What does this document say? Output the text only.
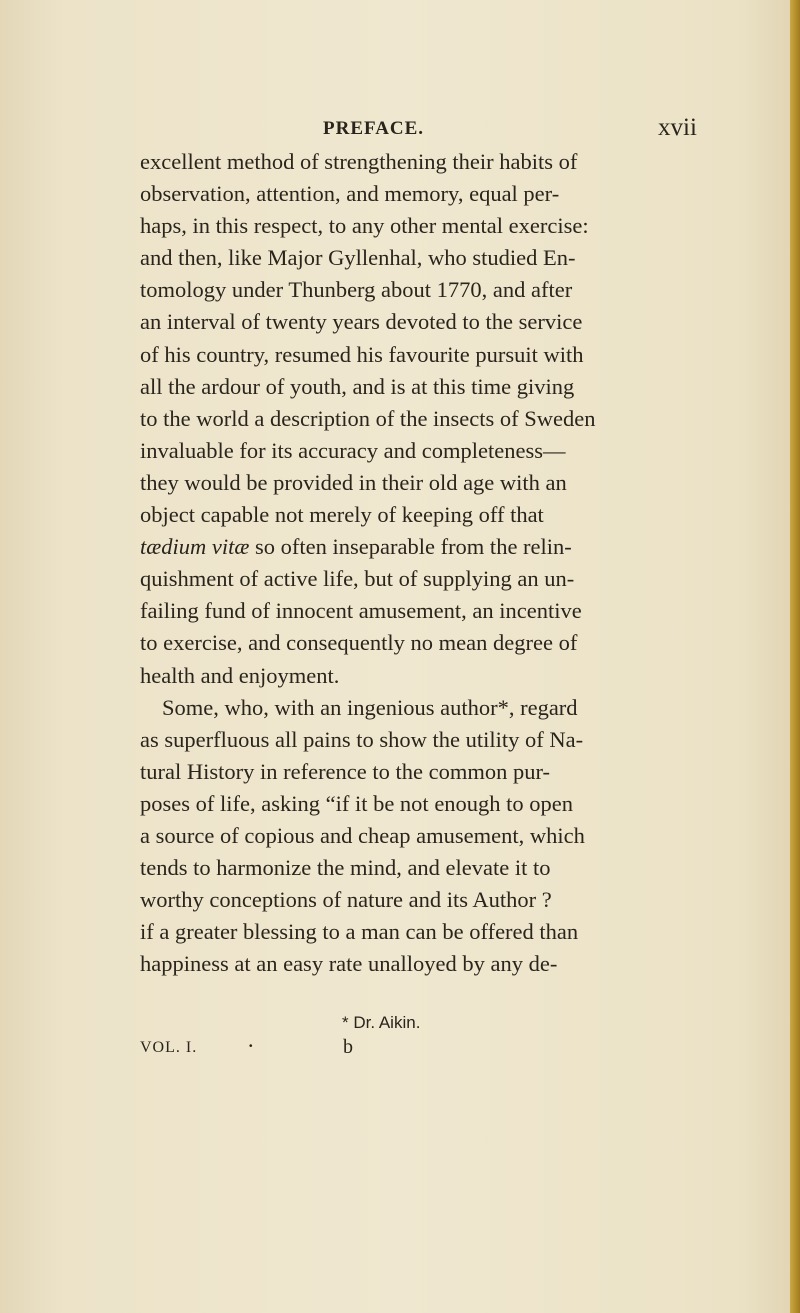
PREFACE.	xvii
excellent method of strengthening their habits of
observation, attention, and memory, equal per-
haps, in this respect, to any other mental exercise:
and then, like Major Gyllenhal, who studied En-
tomology under Thunberg about 1770, and after
an interval of twenty years devoted to the service
of his country, resumed his favourite pursuit with
all the ardour of youth, and is at this time giving
to the world a description of the insects of Sweden
invaluable for its accuracy and completeness—
they would be provided in their old age with an
object capable not merely of keeping off that
tædium vitæ so often inseparable from the relin-
quishment of active life, but of supplying an un-
failing fund of innocent amusement, an incentive
to exercise, and consequently no mean degree of
health and enjoyment.
Some, who, with an ingenious author*, regard
as superfluous all pains to show the utility of Na-
tural History in reference to the common pur-
poses of life, asking “if it be not enough to open
a source of copious and cheap amusement, which
tends to harmonize the mind, and elevate it to
worthy conceptions of nature and its Author ?
if a greater blessing to a man can be offered than
happiness at an easy rate unalloyed by any de-
* Dr. Aikin.
VOL. I.	•	b
